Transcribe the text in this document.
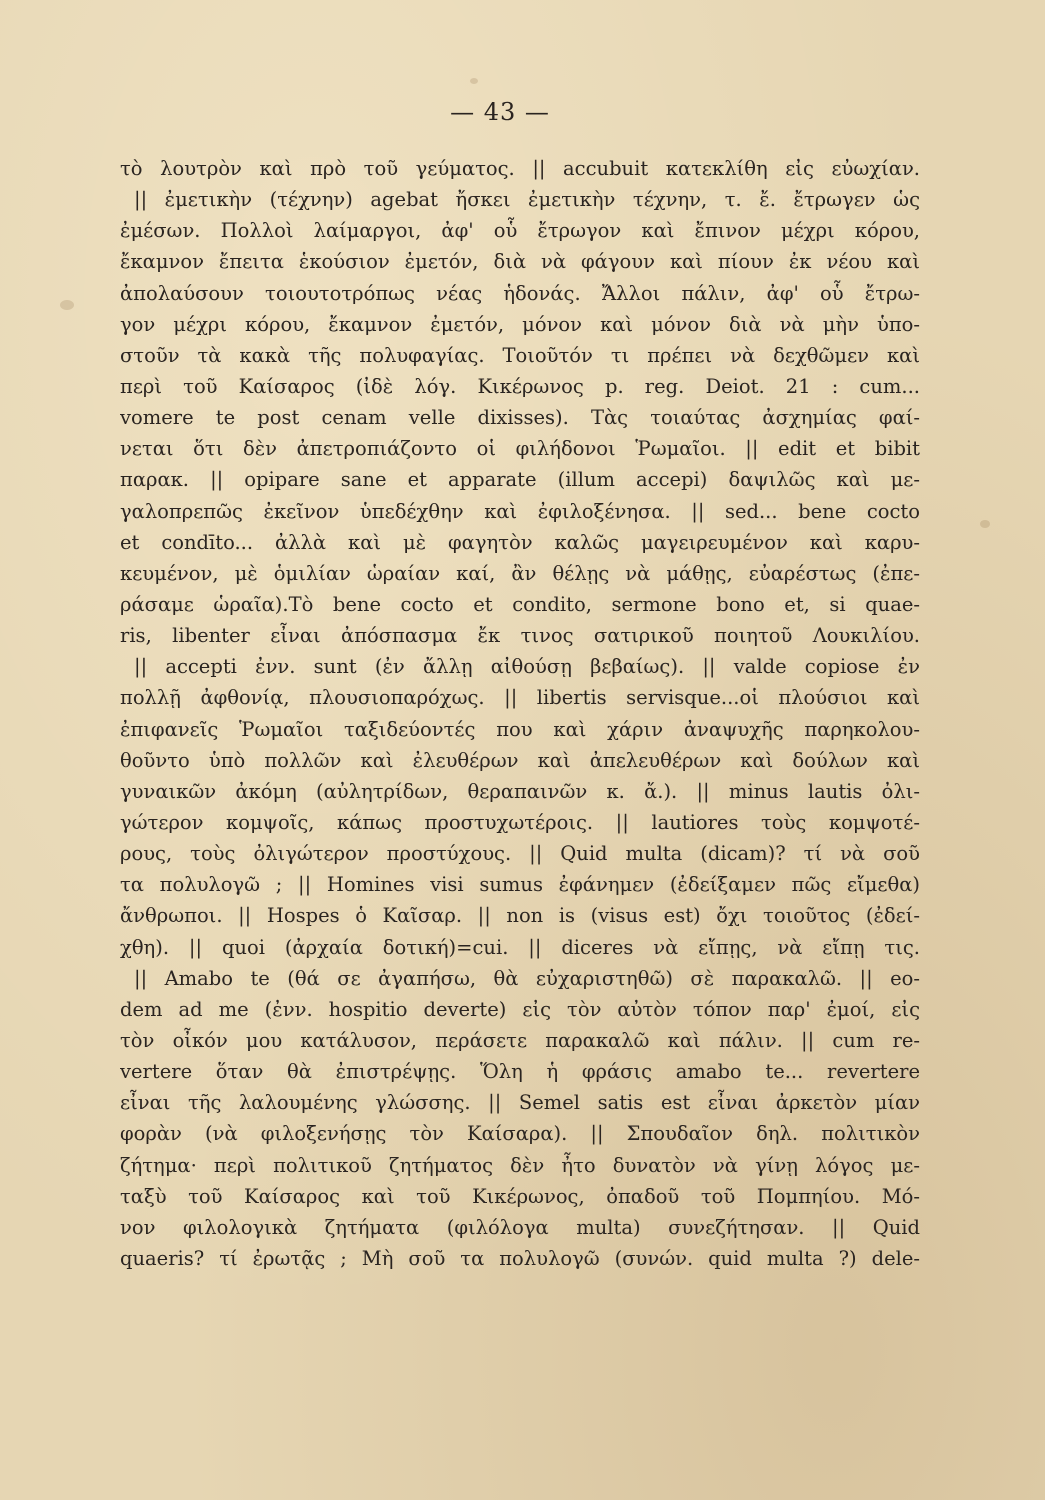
— 43 —
τὸ λουτρὸν καὶ πρὸ τοῦ γεύματος. || accubuit κατεκλίθη εἰς εὐωχίαν.
|| ἐμετικὴν (τέχνην) agebat ἤσκει ἐμετικὴν τέχνην, τ. ἔ. ἔτρωγεν ὡς
ἐμέσων. Πολλοὶ λαίμαργοι, ἀφ' οὗ ἔτρωγον καὶ ἔπινον μέχρι κόρου,
ἔκαμνον ἔπειτα ἑκούσιον ἐμετόν, διὰ νὰ φάγουν καὶ πίουν ἐκ νέου καὶ
ἀπολαύσουν τοιουτοτρόπως νέας ἡδονάς. Ἄλλοι πάλιν, ἀφ' οὗ ἔτρω-
γον μέχρι κόρου, ἔκαμνον ἐμετόν, μόνον καὶ μόνον διὰ νὰ μὴν ὑπο-
στοῦν τὰ κακὰ τῆς πολυφαγίας. Τοιοῦτόν τι πρέπει νὰ δεχθῶμεν καὶ
περὶ τοῦ Καίσαρος (ἰδὲ λόγ. Κικέρωνος p. reg. Deiot. 21 : cum...
vomere te post cenam velle dixisses). Τὰς τοιαύτας ἀσχημίας φαί-
νεται ὅτι δὲν ἀπετροπιάζοντο οἱ φιλήδονοι Ῥωμαῖοι. || edit et bibit
παρακ. || opipare sane et apparate (illum accepi) δαψιλῶς καὶ με-
γαλοπρεπῶς ἐκεῖνον ὑπεδέχθην καὶ ἐφιλοξένησα. || sed... bene cocto
et condīto... ἀλλὰ καὶ μὲ φαγητὸν καλῶς μαγειρευμένον καὶ καρυ-
κευμένον, μὲ ὁμιλίαν ὡραίαν καί, ἂν θέλῃς νὰ μάθῃς, εὐαρέστως (ἐπε-
ράσαμε ὡραῖα).Τὸ bene cocto et condito, sermone bono et, si quae-
ris, libenter εἶναι ἀπόσπασμα ἔκ τινος σατιρικοῦ ποιητοῦ Λουκιλίου.
|| accepti ἐνν. sunt (ἐν ἄλλῃ αἰθούσῃ βεβαίως). || valde copiose ἐν
πολλῇ ἀφθονίᾳ, πλουσιοπαρόχως. || libertis servisque...οἱ πλούσιοι καὶ
ἐπιφανεῖς Ῥωμαῖοι ταξιδεύοντές που καὶ χάριν ἀναψυχῆς παρηκολου-
θοῦντο ὑπὸ πολλῶν καὶ ἐλευθέρων καὶ ἀπελευθέρων καὶ δούλων καὶ
γυναικῶν ἀκόμη (αὐλητρίδων, θεραπαινῶν κ. ἄ.). || minus lautis ὀλι-
γώτερον κομψοῖς, κάπως προστυχωτέροις. || lautiores τοὺς κομψοτέ-
ρους, τοὺς ὀλιγώτερον προστύχους. || Quid multa (dicam)? τί νὰ σοῦ
τα πολυλογῶ ; || Homines visi sumus ἐφάνημεν (ἐδείξαμεν πῶς εἴμεθα)
ἄνθρωποι. || Hospes ὁ Καῖσαρ. || non is (visus est) ὄχι τοιοῦτος (ἐδεί-
χθη). || quoi (ἀρχαία δοτική)=cui. || diceres νὰ εἴπῃς, νὰ εἴπῃ τις.
|| Amabo te (θά σε ἀγαπήσω, θὰ εὐχαριστηθῶ) σὲ παρακαλῶ. || eo-
dem ad me (ἐνν. hospitio deverte) εἰς τὸν αὐτὸν τόπον παρ' ἐμοί, εἰς
τὸν οἶκόν μου κατάλυσον, περάσετε παρακαλῶ καὶ πάλιν. || cum re-
vertere ὅταν θὰ ἐπιστρέψῃς. Ὅλη ἡ φράσις amabo te... revertere
εἶναι τῆς λαλουμένης γλώσσης. || Semel satis est εἶναι ἀρκετὸν μίαν
φορὰν (νὰ φιλοξενήσῃς τὸν Καίσαρα). || Σπουδαῖον δηλ. πολιτικὸν
ζήτημα· περὶ πολιτικοῦ ζητήματος δὲν ἦτο δυνατὸν νὰ γίνῃ λόγος με-
ταξὺ τοῦ Καίσαρος καὶ τοῦ Κικέρωνος, ὀπαδοῦ τοῦ Πομπηίου. Μό-
νον φιλολογικὰ ζητήματα (φιλόλογα multa) συνεζήτησαν. || Quid
quaeris? τί ἐρωτᾷς ; Μὴ σοῦ τα πολυλογῶ (συνών. quid multa ?) dele-
